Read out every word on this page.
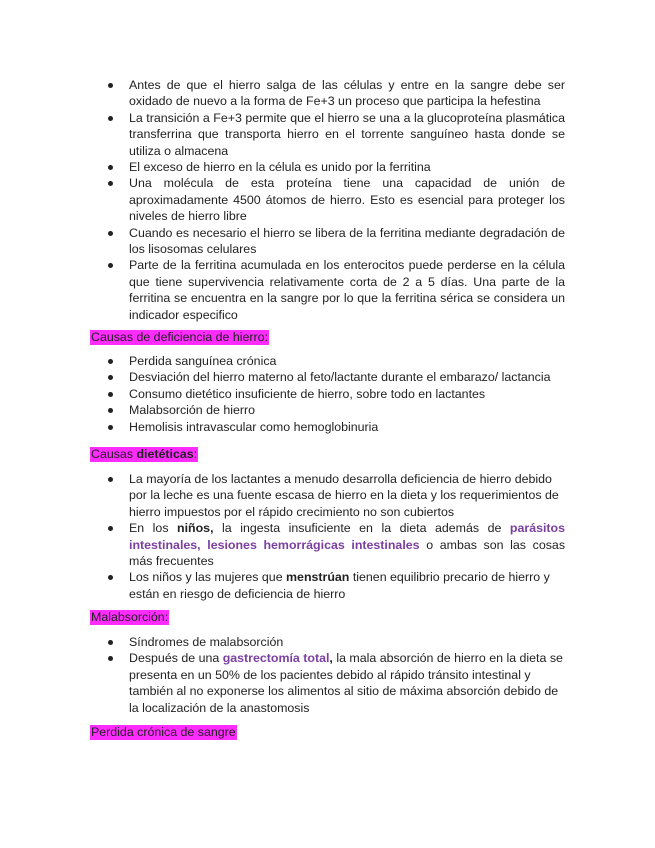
Antes de que el hierro salga de las células y entre en la sangre debe ser oxidado de nuevo a la forma de Fe+3 un proceso que participa la hefestina
La transición a Fe+3 permite que el hierro se una a la glucoproteína plasmática transferrina que transporta hierro en el torrente sanguíneo hasta donde se utiliza o almacena
El exceso de hierro en la célula es unido por la ferritina
Una molécula de esta proteína tiene una capacidad de unión de aproximadamente 4500 átomos de hierro. Esto es esencial para proteger los niveles de hierro libre
Cuando es necesario el hierro se libera de la ferritina mediante degradación de los lisosomas celulares
Parte de la ferritina acumulada en los enterocitos puede perderse en la célula que tiene supervivencia relativamente corta de 2 a 5 días. Una parte de la ferritina se encuentra en la sangre por lo que la ferritina sérica se considera un indicador especifico
Causas de deficiencia de hierro:
Perdida sanguínea crónica
Desviación del hierro materno al feto/lactante durante el embarazo/ lactancia
Consumo dietético insuficiente de hierro, sobre todo en lactantes
Malabsorción de hierro
Hemolisis intravascular como hemoglobinuria
Causas dietéticas:
La mayoría de los lactantes a menudo desarrolla deficiencia de hierro debido por la leche es una fuente escasa de hierro en la dieta y los requerimientos de hierro impuestos por el rápido crecimiento no son cubiertos
En los niños, la ingesta insuficiente en la dieta además de parásitos intestinales, lesiones hemorrágicas intestinales o ambas son las cosas más frecuentes
Los niños y las mujeres que menstrúan tienen equilibrio precario de hierro y están en riesgo de deficiencia de hierro
Malabsorción:
Síndromes de malabsorción
Después de una gastrectomía total, la mala absorción de hierro en la dieta se presenta en un 50% de los pacientes debido al rápido tránsito intestinal y también al no exponerse los alimentos al sitio de máxima absorción debido de la localización de la anastomosis
Perdida crónica de sangre
